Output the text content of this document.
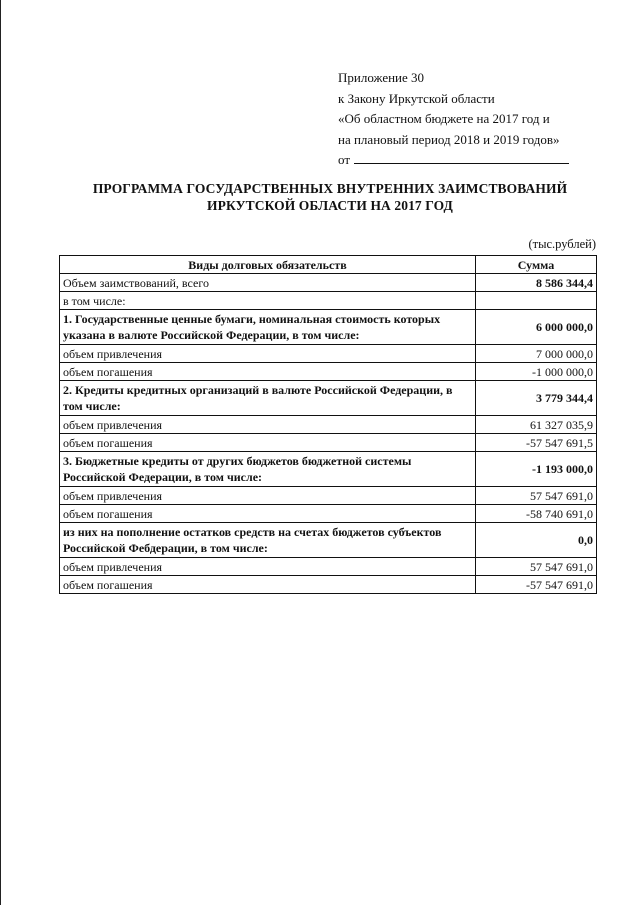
Приложение 30
к Закону Иркутской области
«Об областном бюджете на 2017 год и
на плановый период 2018 и 2019 годов»
от
ПРОГРАММА ГОСУДАРСТВЕННЫХ ВНУТРЕННИХ ЗАИМСТВОВАНИЙ
ИРКУТСКОЙ ОБЛАСТИ НА 2017 ГОД
(тыс.рублей)
Виды долговых обязательств	Сумма
Объем заимствований, всего	8 586 344,4
в том числе:	
1. Государственные ценные бумаги, номинальная стоимость которых указана в валюте Российской Федерации, в том числе:	6 000 000,0
объем привлечения	7 000 000,0
объем погашения	-1 000 000,0
2. Кредиты кредитных организаций в валюте Российской Федерации, в том числе:	3 779 344,4
объем привлечения	61 327 035,9
объем погашения	-57 547 691,5
3. Бюджетные кредиты от других бюджетов бюджетной системы Российской Федерации, в том числе:	-1 193 000,0
объем привлечения	57 547 691,0
объем погашения	-58 740 691,0
из них на пополнение остатков средств на счетах бюджетов субъектов Российской Фебдерации, в том числе:	0,0
объем привлечения	57 547 691,0
объем погашения	-57 547 691,0
